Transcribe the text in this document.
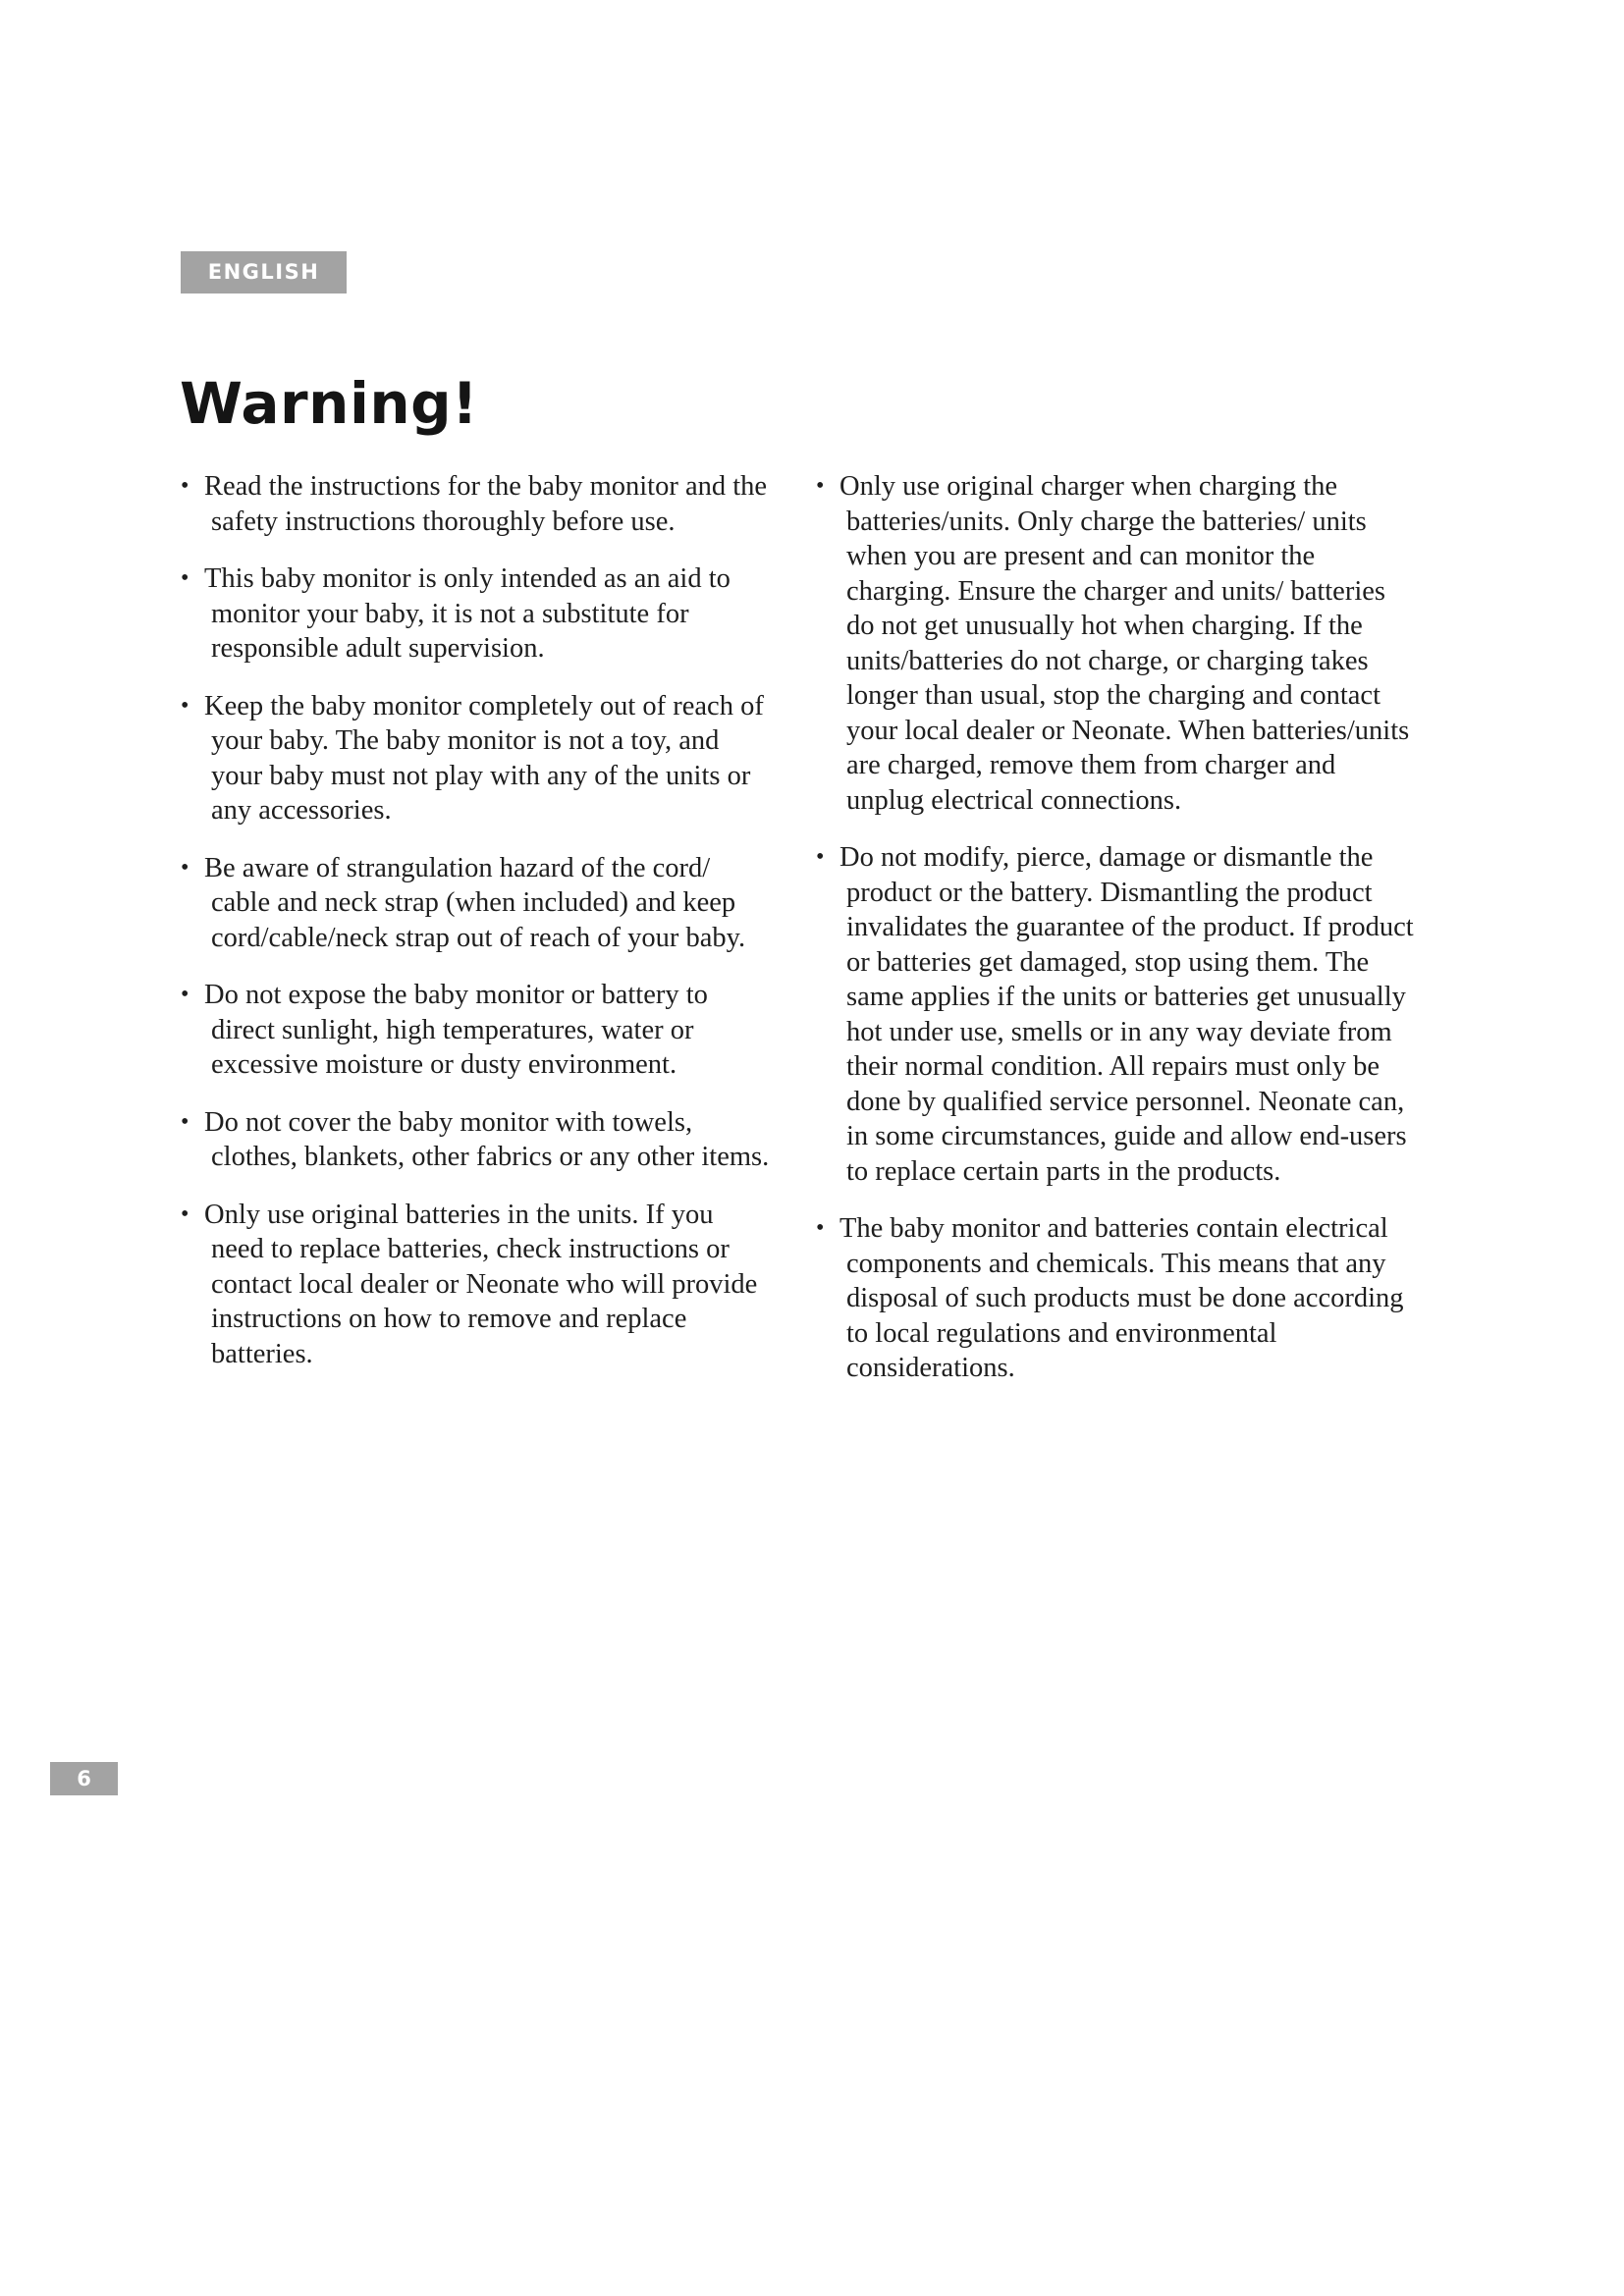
ENGLISH
Warning!
• Read the instructions for the baby monitor and the safety instructions thoroughly before use.
• This baby monitor is only intended as an aid to monitor your baby, it is not a substitute for responsible adult supervision.
• Keep the baby monitor completely out of reach of your baby. The baby monitor is not a toy, and your baby must not play with any of the units or any accessories.
• Be aware of strangulation hazard of the cord/ cable and neck strap (when included) and keep cord/cable/neck strap out of reach of your baby.
• Do not expose the baby monitor or battery to direct sunlight, high temperatures, water or excessive moisture or dusty environment.
• Do not cover the baby monitor with towels, clothes, blankets, other fabrics or any other items.
• Only use original batteries in the units. If you need to replace batteries, check instructions or contact local dealer or Neonate who will provide instructions on how to remove and replace batteries.
• Only use original charger when charging the batteries/units. Only charge the batteries/ units when you are present and can monitor the charging. Ensure the charger and units/ batteries do not get unusually hot when charging. If the units/batteries do not charge, or charging takes longer than usual, stop the charging and contact your local dealer or Neonate. When batteries/units are charged, remove them from charger and unplug electrical connections.
• Do not modify, pierce, damage or dismantle the product or the battery. Dismantling the product invalidates the guarantee of the product. If product or batteries get damaged, stop using them. The same applies if the units or batteries get unusually hot under use, smells or in any way deviate from their normal condition. All repairs must only be done by qualified service personnel. Neonate can, in some circumstances, guide and allow end-users to replace certain parts in the products.
• The baby monitor and batteries contain electrical components and chemicals. This means that any disposal of such products must be done according to local regulations and environmental considerations.
6
